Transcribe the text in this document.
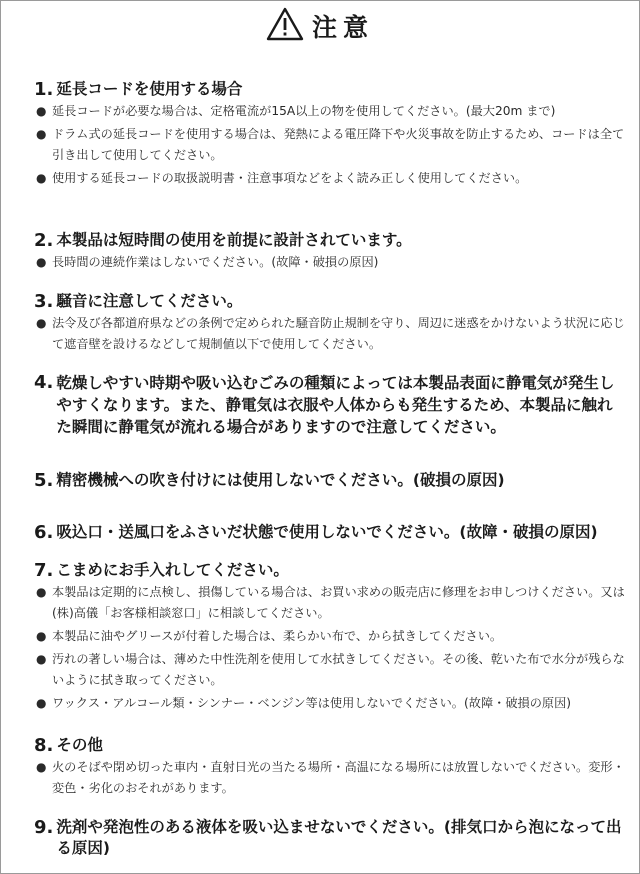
注意
1. 延長コードを使用する場合
● 延長コードが必要な場合は、定格電流が15A以上の物を使用してください。(最大20m まで)
● ドラム式の延長コードを使用する場合は、発熱による電圧降下や火災事故を防止するため、コードは全て引き出して使用してください。
● 使用する延長コードの取扱説明書・注意事項などをよく読み正しく使用してください。
2. 本製品は短時間の使用を前提に設計されています。
● 長時間の連続作業はしないでください。(故障・破損の原因)
3. 騒音に注意してください。
● 法令及び各都道府県などの条例で定められた騒音防止規制を守り、周辺に迷惑をかけないよう状況に応じて遮音壁を設けるなどして規制値以下で使用してください。
4. 乾燥しやすい時期や吸い込むごみの種類によっては本製品表面に静電気が発生しやすくなります。また、静電気は衣服や人体からも発生するため、本製品に触れた瞬間に静電気が流れる場合がありますので注意してください。
5. 精密機械への吹き付けには使用しないでください。(破損の原因)
6. 吸込口・送風口をふさいだ状態で使用しないでください。(故障・破損の原因)
7. こまめにお手入れしてください。
● 本製品は定期的に点検し、損傷している場合は、お買い求めの販売店に修理をお申しつけください。又は(株)高儀「お客様相談窓口」に相談してください。
● 本製品に油やグリースが付着した場合は、柔らかい布で、から拭きしてください。
● 汚れの著しい場合は、薄めた中性洗剤を使用して水拭きしてください。その後、乾いた布で水分が残らないように拭き取ってください。
● ワックス・アルコール類・シンナー・ベンジン等は使用しないでください。(故障・破損の原因)
8. その他
● 火のそばや閉め切った車内・直射日光の当たる場所・高温になる場所には放置しないでください。変形・変色・劣化のおそれがあります。
9. 洗剤や発泡性のある液体を吸い込ませないでください。(排気口から泡になって出る原因)
